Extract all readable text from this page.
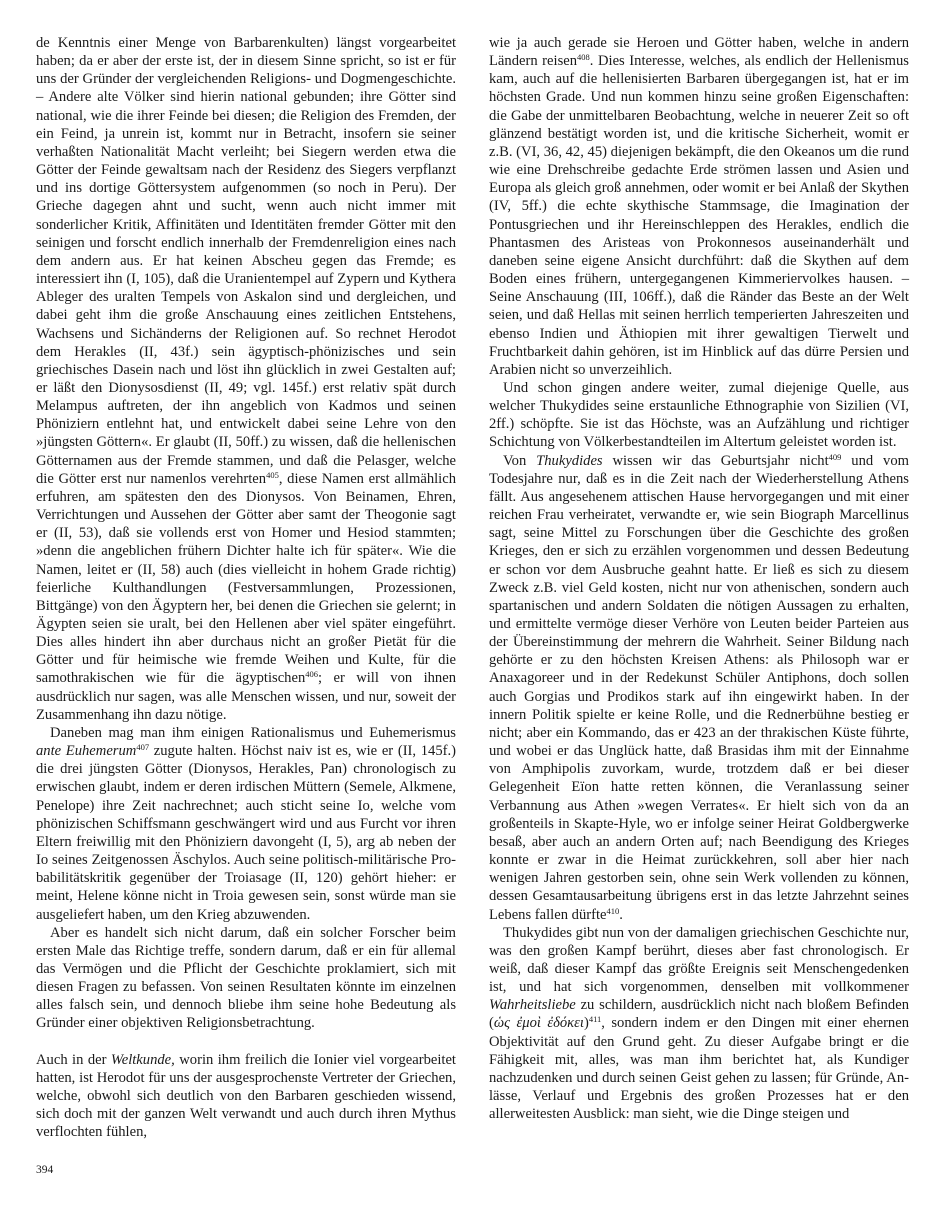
de Kenntnis einer Menge von Barbarenkulten) längst vorgearbeitet haben; da er aber der erste ist, der in diesem Sinne spricht, so ist er für uns der Gründer der vergleichenden Religions- und Dogmengeschichte. – Andere alte Völker sind hierin national gebunden; ihre Götter sind national, wie die ihrer Feinde bei diesen; die Religion des Fremden, der ein Feind, ja unrein ist, kommt nur in Betracht, insofern sie seiner verhaßten Nationalität Macht verleiht; bei Siegern werden etwa die Götter der Feinde gewaltsam nach der Residenz des Siegers verpflanzt und ins dortige Göttersystem aufgenommen (so noch in Peru). Der Grieche dagegen ahnt und sucht, wenn auch nicht immer mit sonderlicher Kritik, Affinitäten und Identitäten fremder Götter mit den seinigen und forscht endlich innerhalb der Fremdenreligion eines nach dem andern aus. Er hat keinen Abscheu gegen das Fremde; es interessiert ihn (I, 105), daß die Uranientempel auf Zypern und Kythera Ableger des uralten Tempels von Askalon sind und dergleichen, und dabei geht ihm die große Anschauung eines zeitlichen Entstehens, Wachsens und Sichänderns der Religionen auf. So rechnet Herodot dem Herakles (II, 43f.) sein ägyptisch-phönizisches und sein griechisches Dasein nach und löst ihn glücklich in zwei Gestalten auf; er läßt den Dionysosdienst (II, 49; vgl. 145f.) erst relativ spät durch Melampus auftreten, der ihn angeblich von Kadmos und seinen Phöniziern entlehnt hat, und entwickelt dabei seine Lehre von den »jüngsten Göttern«. Er glaubt (II, 50ff.) zu wissen, daß die hellenischen Götternamen aus der Fremde stammen, und daß die Pelasger, welche die Götter erst nur namenlos verehrten$^{405}$, diese Namen erst allmählich erfuhren, am spätesten den des Dionysos. Von Beinamen, Ehren, Verrichtungen und Aussehen der Götter aber samt der Theogonie sagt er (II, 53), daß sie vollends erst von Homer und Hesiod stammten; »denn die angeblichen frühern Dichter halte ich für später«. Wie die Namen, leitet er (II, 58) auch (dies vielleicht in hohem Grade richtig) feierliche Kulthandlungen (Festversammlungen, Prozessionen, Bittgänge) von den Ägyptern her, bei denen die Griechen sie gelernt; in Ägypten seien sie uralt, bei den Hellenen aber viel später eingeführt. Dies alles hindert ihn aber durchaus nicht an großer Pietät für die Götter und für heimische wie fremde Weihen und Kulte, für die samothrakischen wie für die ägyptischen$^{406}$; er will von ihnen ausdrücklich nur sagen, was alle Menschen wissen, und nur, soweit der Zusammenhang ihn dazu nötige.

Daneben mag man ihm einigen Rationalismus und Euhemerismus ante Euhemerum$^{407}$ zugute halten. Höchst naiv ist es, wie er (II, 145f.) die drei jüngsten Götter (Dionysos, Herakles, Pan) chronologisch zu erwischen glaubt, indem er deren irdischen Müttern (Semele, Alkmene, Penelope) ihre Zeit nachrechnet; auch sticht seine Io, welche vom phönizischen Schiffsmann geschwängert wird und aus Furcht vor ihren Eltern freiwillig mit den Phöniziern davongeht (I, 5), arg ab neben der Io seines Zeitgenossen Äschylos. Auch seine politisch-militärische Probabilitätskritik gegenüber der Troiasage (II, 120) gehört hieher: er meint, Helene könne nicht in Troia gewesen sein, sonst würde man sie ausgeliefert haben, um den Krieg abzuwenden.

Aber es handelt sich nicht darum, daß ein solcher Forscher beim ersten Male das Richtige treffe, sondern darum, daß er ein für allemal das Vermögen und die Pflicht der Geschichte proklamiert, sich mit diesen Fragen zu befassen. Von seinen Resultaten könnte im einzelnen alles falsch sein, und dennoch bliebe ihm seine hohe Bedeutung als Gründer einer objektiven Religionsbetrachtung.

Auch in der Weltkunde, worin ihm freilich die Ionier viel vorgearbeitet hatten, ist Herodot für uns der ausgesprochenste Vertreter der Griechen, welche, obwohl sich deutlich von den Barbaren geschieden wissend, sich doch mit der ganzen Welt verwandt und auch durch ihren Mythus verflochten fühlen,

wie ja auch gerade sie Heroen und Götter haben, welche in andern Ländern reisen$^{408}$. Dies Interesse, welches, als endlich der Hellenismus kam, auch auf die hellenisierten Barbaren übergegangen ist, hat er im höchsten Grade. Und nun kommen hinzu seine großen Eigenschaften: die Gabe der unmittelbaren Beobachtung, welche in neuerer Zeit so oft glänzend bestätigt worden ist, und die kritische Sicherheit, womit er z.B. (VI, 36, 42, 45) diejenigen bekämpft, die den Okeanos um die rund wie eine Drehschreibe gedachte Erde strömen lassen und Asien und Europa als gleich groß annehmen, oder womit er bei Anlaß der Skythen (IV, 5ff.) die echte skythische Stammsage, die Imagination der Pontusgriechen und ihr Hereinschleppen des Herakles, endlich die Phantasmen des Aristeas von Prokonnesos auseinanderhält und daneben seine eigene Ansicht durchführt: daß die Skythen auf dem Boden eines frühern, untergegangenen Kimmeriervolkes hausen. – Seine Anschauung (III, 106ff.), daß die Ränder das Beste an der Welt seien, und daß Hellas mit seinen herrlich temperierten Jahreszeiten und ebenso Indien und Äthiopien mit ihrer gewaltigen Tierwelt und Fruchtbarkeit dahin gehören, ist im Hinblick auf das dürre Persien und Arabien nicht so unverzeihlich.

Und schon gingen andere weiter, zumal diejenige Quelle, aus welcher Thukydides seine erstaunliche Ethnographie von Sizilien (VI, 2ff.) schöpfte. Sie ist das Höchste, was an Aufzählung und richtiger Schichtung von Völkerbestandteilen im Altertum geleistet worden ist.

Von Thukydides wissen wir das Geburtsjahr nicht$^{409}$ und vom Todesjahre nur, daß es in die Zeit nach der Wiederherstellung Athens fällt. Aus angesehenem attischen Hause hervorgegangen und mit einer reichen Frau verheiratet, verwandte er, wie sein Biograph Marcellinus sagt, seine Mittel zu Forschungen über die Geschichte des großen Krieges, den er sich zu erzählen vorgenommen und dessen Bedeutung er schon vor dem Ausbruche geahnt hatte. Er ließ es sich zu diesem Zweck z.B. viel Geld kosten, nicht nur von athenischen, sondern auch spartanischen und andern Soldaten die nötigen Aussagen zu erhalten, und ermittelte vermöge dieser Verhöre von Leuten beider Parteien aus der Übereinstimmung der mehrern die Wahrheit. Seiner Bildung nach gehörte er zu den höchsten Kreisen Athens: als Philosoph war er Anaxagoreer und in der Redekunst Schüler Antiphons, doch sollen auch Gorgias und Prodikos stark auf ihn eingewirkt haben. In der innern Politik spielte er keine Rolle, und die Rednerbühne bestieg er nicht; aber ein Kommando, das er 423 an der thrakischen Küste führte, und wobei er das Unglück hatte, daß Brasidas ihm mit der Einnahme von Amphipolis zuvorkam, wurde, trotzdem daß er bei dieser Gelegenheit Eïon hatte retten können, die Veranlassung seiner Verbannung aus Athen »wegen Verrates«. Er hielt sich von da an großenteils in Skapte-Hyle, wo er infolge seiner Heirat Goldbergwerke besaß, aber auch an andern Orten auf; nach Beendigung des Krieges konnte er zwar in die Heimat zurückkehren, soll aber hier nach wenigen Jahren gestorben sein, ohne sein Werk vollenden zu können, dessen Gesamtausarbeitung übrigens erst in das letzte Jahrzehnt seines Lebens fallen dürfte$^{410}$.

Thukydides gibt nun von der damaligen griechischen Geschichte nur, was den großen Kampf berührt, dieses aber fast chronologisch. Er weiß, daß dieser Kampf das größte Ereignis seit Menschengedenken ist, und hat sich vorgenommen, denselben mit vollkommener Wahrheitsliebe zu schildern, ausdrücklich nicht nach bloßem Befinden (ὡς ἐμοὶ ἐδόκει)$^{411}$, sondern indem er den Dingen mit einer ehernen Objektivität auf den Grund geht. Zu dieser Aufgabe bringt er die Fähigkeit mit, alles, was man ihm berichtet hat, als Kundiger nachzudenken und durch seinen Geist gehen zu lassen; für Gründe, Anlässe, Verlauf und Ergebnis des großen Prozesses hat er den allerweitesten Ausblick: man sieht, wie die Dinge steigen und

394
